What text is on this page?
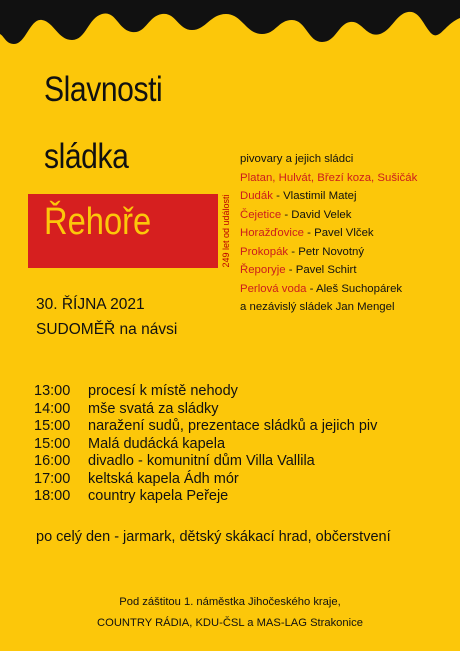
Slavnosti
sládka
Řehoře	249 let od události
pivovary a jejich sládci
Platan, Hulvát, Březí koza, Sušičák
Dudák - Vlastimil Matej
Čejetice - David Velek
Horažďovice - Pavel Vlček
Prokopák - Petr Novotný
Řeporyje - Pavel Schirt
Perlová voda - Aleš Suchopárek
a nezávislý sládek Jan Mengel
30. ŘÍJNA 2021
SUDOMĚŘ na návsi
13:00 procesí k místě nehody
14:00 mše svatá za sládky
15:00 naražení sudů, prezentace sládků a jejich piv
15:00 Malá dudácká kapela
16:00 divadlo - komunitní dům Villa Vallila
17:00 keltská kapela Ádh mór
18:00 country kapela Peřeje
po celý den - jarmark, dětský skákací hrad, občerstvení
Pod záštitou 1. náměstka Jihočeského kraje,
COUNTRY RÁDIA, KDU-ČSL a MAS-LAG Strakonice
